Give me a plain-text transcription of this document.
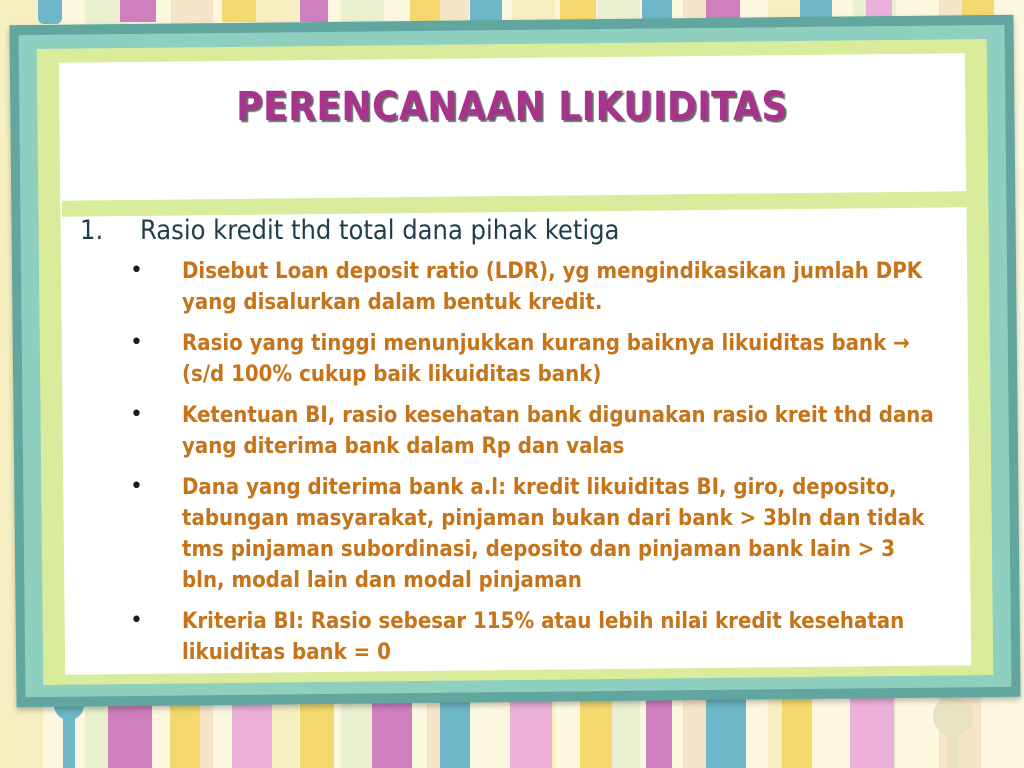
PERENCANAAN LIKUIDITAS
1.	Rasio kredit thd total dana pihak ketiga
•	Disebut Loan deposit ratio (LDR), yg mengindikasikan jumlah DPK yang disalurkan dalam bentuk kredit.
•	Rasio yang tinggi menunjukkan kurang baiknya likuiditas bank → (s/d 100% cukup baik likuiditas bank)
•	Ketentuan BI, rasio kesehatan bank digunakan rasio kreit thd dana yang diterima bank dalam Rp dan valas
•	Dana yang diterima bank a.l: kredit likuiditas BI, giro, deposito, tabungan masyarakat, pinjaman bukan dari bank > 3bln dan tidak tms pinjaman subordinasi, deposito dan pinjaman bank lain > 3 bln, modal lain dan modal pinjaman
•	Kriteria BI: Rasio sebesar 115% atau lebih nilai kredit kesehatan likuiditas bank = 0
